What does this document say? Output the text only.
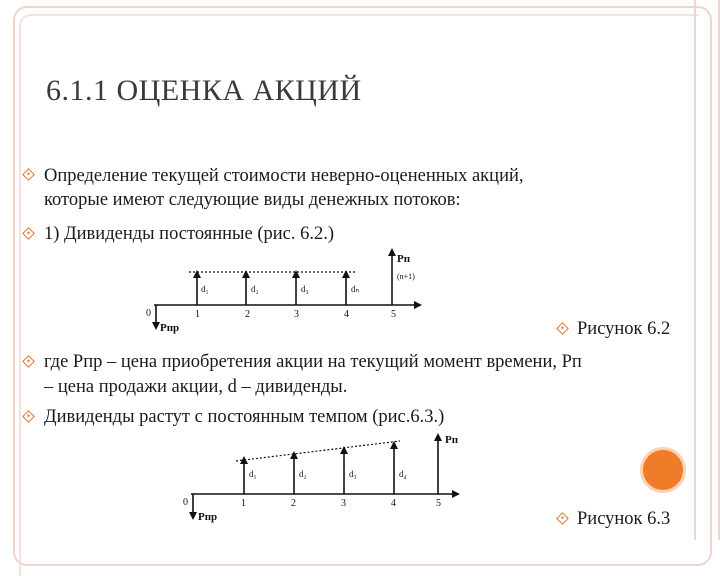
6.1.1 ОЦЕНКА АКЦИЙ
Определение текущей стоимости неверно-оцененных акций,
которые имеют следующие виды денежных потоков:
1) Дивиденды постоянные (рис. 6.2.)
Рисунок 6.2
где Рпр – цена приобретения акции на текущий момент времени, Рп
– цена продажи акции, d – дивиденды.
Дивиденды растут с постоянным темпом (рис.6.3.)
Рисунок 6.3
0	1	2	3	4	5
d₁	d₂	d₃	dₙ
Pпр
Pп
(n+1)
0	1	2	3	4	5
d₁	d₂	d₃	d₄
Pпр
Pп
